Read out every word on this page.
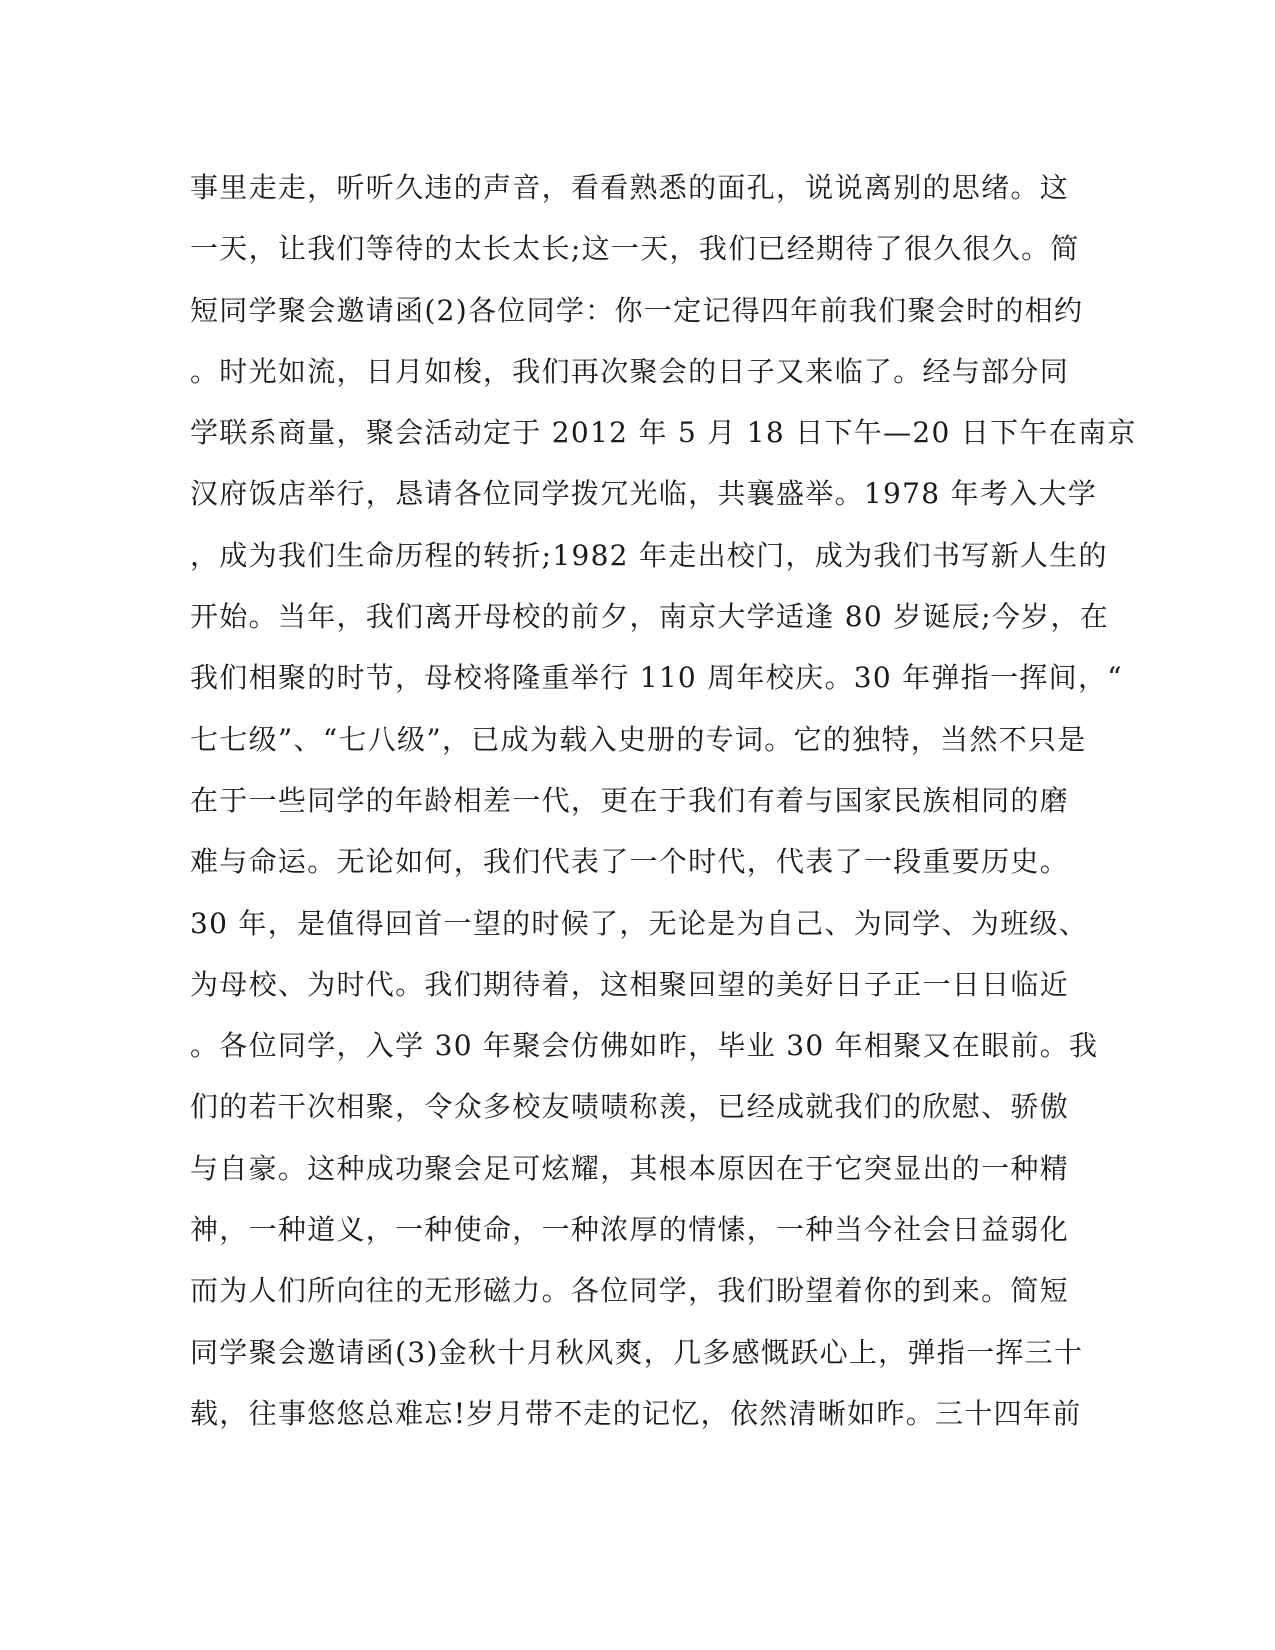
事里走走，听听久违的声音，看看熟悉的面孔，说说离别的思绪。这
一天，让我们等待的太长太长;这一天，我们已经期待了很久很久。简
短同学聚会邀请函(2)各位同学：你一定记得四年前我们聚会时的相约
。时光如流，日月如梭，我们再次聚会的日子又来临了。经与部分同
学联系商量，聚会活动定于 2012 年 5 月 18 日下午—20 日下午在南京
汉府饭店举行，恳请各位同学拨冗光临，共襄盛举。1978 年考入大学
，成为我们生命历程的转折;1982 年走出校门，成为我们书写新人生的
开始。当年，我们离开母校的前夕，南京大学适逢 80 岁诞辰;今岁，在
我们相聚的时节，母校将隆重举行 110 周年校庆。30 年弹指一挥间，“
七七级”、“七八级”，已成为载入史册的专词。它的独特，当然不只是
在于一些同学的年龄相差一代，更在于我们有着与国家民族相同的磨
难与命运。无论如何，我们代表了一个时代，代表了一段重要历史。
30 年，是值得回首一望的时候了，无论是为自己、为同学、为班级、
为母校、为时代。我们期待着，这相聚回望的美好日子正一日日临近
。各位同学，入学 30 年聚会仿佛如昨，毕业 30 年相聚又在眼前。我
们的若干次相聚，令众多校友啧啧称羡，已经成就我们的欣慰、骄傲
与自豪。这种成功聚会足可炫耀，其根本原因在于它突显出的一种精
神，一种道义，一种使命，一种浓厚的情愫，一种当今社会日益弱化
而为人们所向往的无形磁力。各位同学，我们盼望着你的到来。简短
同学聚会邀请函(3)金秋十月秋风爽，几多感慨跃心上，弹指一挥三十
载，往事悠悠总难忘!岁月带不走的记忆，依然清晰如昨。三十四年前
